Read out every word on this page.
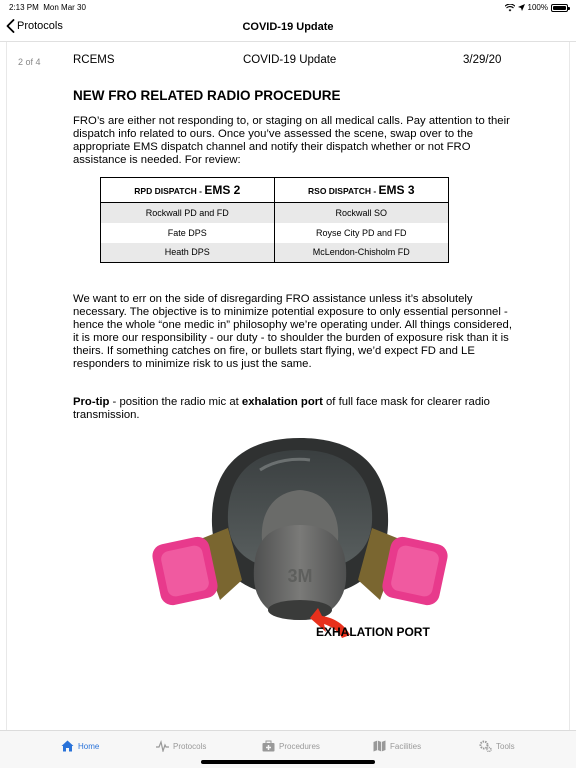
2:13 PM Mon Mar 30	100%
Protocols	COVID-19 Update
2 of 4	RCEMS	COVID-19 Update	3/29/20
NEW FRO RELATED RADIO PROCEDURE
FRO’s are either not responding to, or staging on all medical calls. Pay attention to their dispatch info related to ours. Once you’ve assessed the scene, swap over to the appropriate EMS dispatch channel and notify their dispatch whether or not FRO assistance is needed. For review:
RPD DISPATCH - EMS 2	RSO DISPATCH - EMS 3
Rockwall PD and FD	Rockwall SO
Fate DPS	Royse City PD and FD
Heath DPS	McLendon-Chisholm FD
We want to err on the side of disregarding FRO assistance unless it’s absolutely necessary. The objective is to minimize potential exposure to only essential personnel - hence the whole “one medic in” philosophy we’re operating under. All things considered, it is more our responsibility - our duty - to shoulder the burden of exposure risk than it is theirs. If something catches on fire, or bullets start flying, we’d expect FD and LE responders to minimize risk to us just the same.
Pro-tip - position the radio mic at exhalation port of full face mask for clearer radio transmission.
3M
EXHALATION PORT
Home	Protocols	Procedures	Facilities	Tools
